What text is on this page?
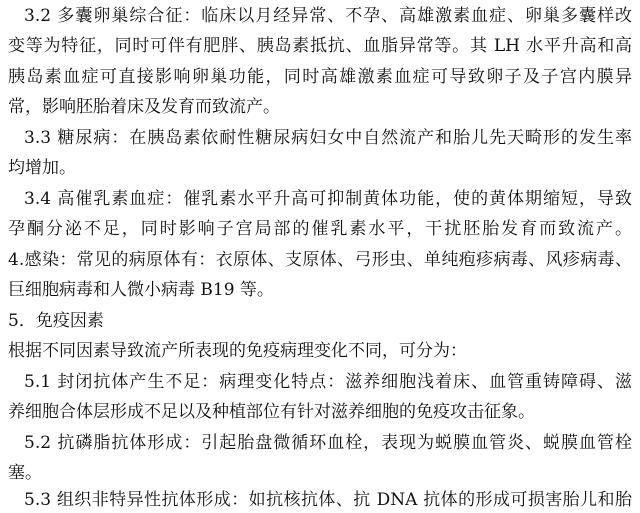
3.2 多囊卵巢综合征：临床以月经异常、不孕、高雄激素血症、卵巢多囊样改
变等为特征，同时可伴有肥胖、胰岛素抵抗、血脂异常等。其 LH 水平升高和高
胰岛素血症可直接影响卵巢功能，同时高雄激素血症可导致卵子及子宫内膜异
常，影响胚胎着床及发育而致流产。
3.3 糖尿病：在胰岛素依耐性糖尿病妇女中自然流产和胎儿先天畸形的发生率
均增加。
3.4 高催乳素血症：催乳素水平升高可抑制黄体功能，使的黄体期缩短，导致
孕酮分泌不足，同时影响子宫局部的催乳素水平，干扰胚胎发育而致流产。
4.感染：常见的病原体有：衣原体、支原体、弓形虫、单纯疱疹病毒、风疹病毒、
巨细胞病毒和人微小病毒 B19 等。
5．免疫因素
根据不同因素导致流产所表现的免疫病理变化不同，可分为：
5.1 封闭抗体产生不足：病理变化特点：滋养细胞浅着床、血管重铸障碍、滋
养细胞合体层形成不足以及种植部位有针对滋养细胞的免疫攻击征象。
5.2 抗磷脂抗体形成：引起胎盘微循环血栓，表现为蜕膜血管炎、蜕膜血管栓
塞。
5.3 组织非特异性抗体形成：如抗核抗体、抗 DNA 抗体的形成可损害胎儿和胎
